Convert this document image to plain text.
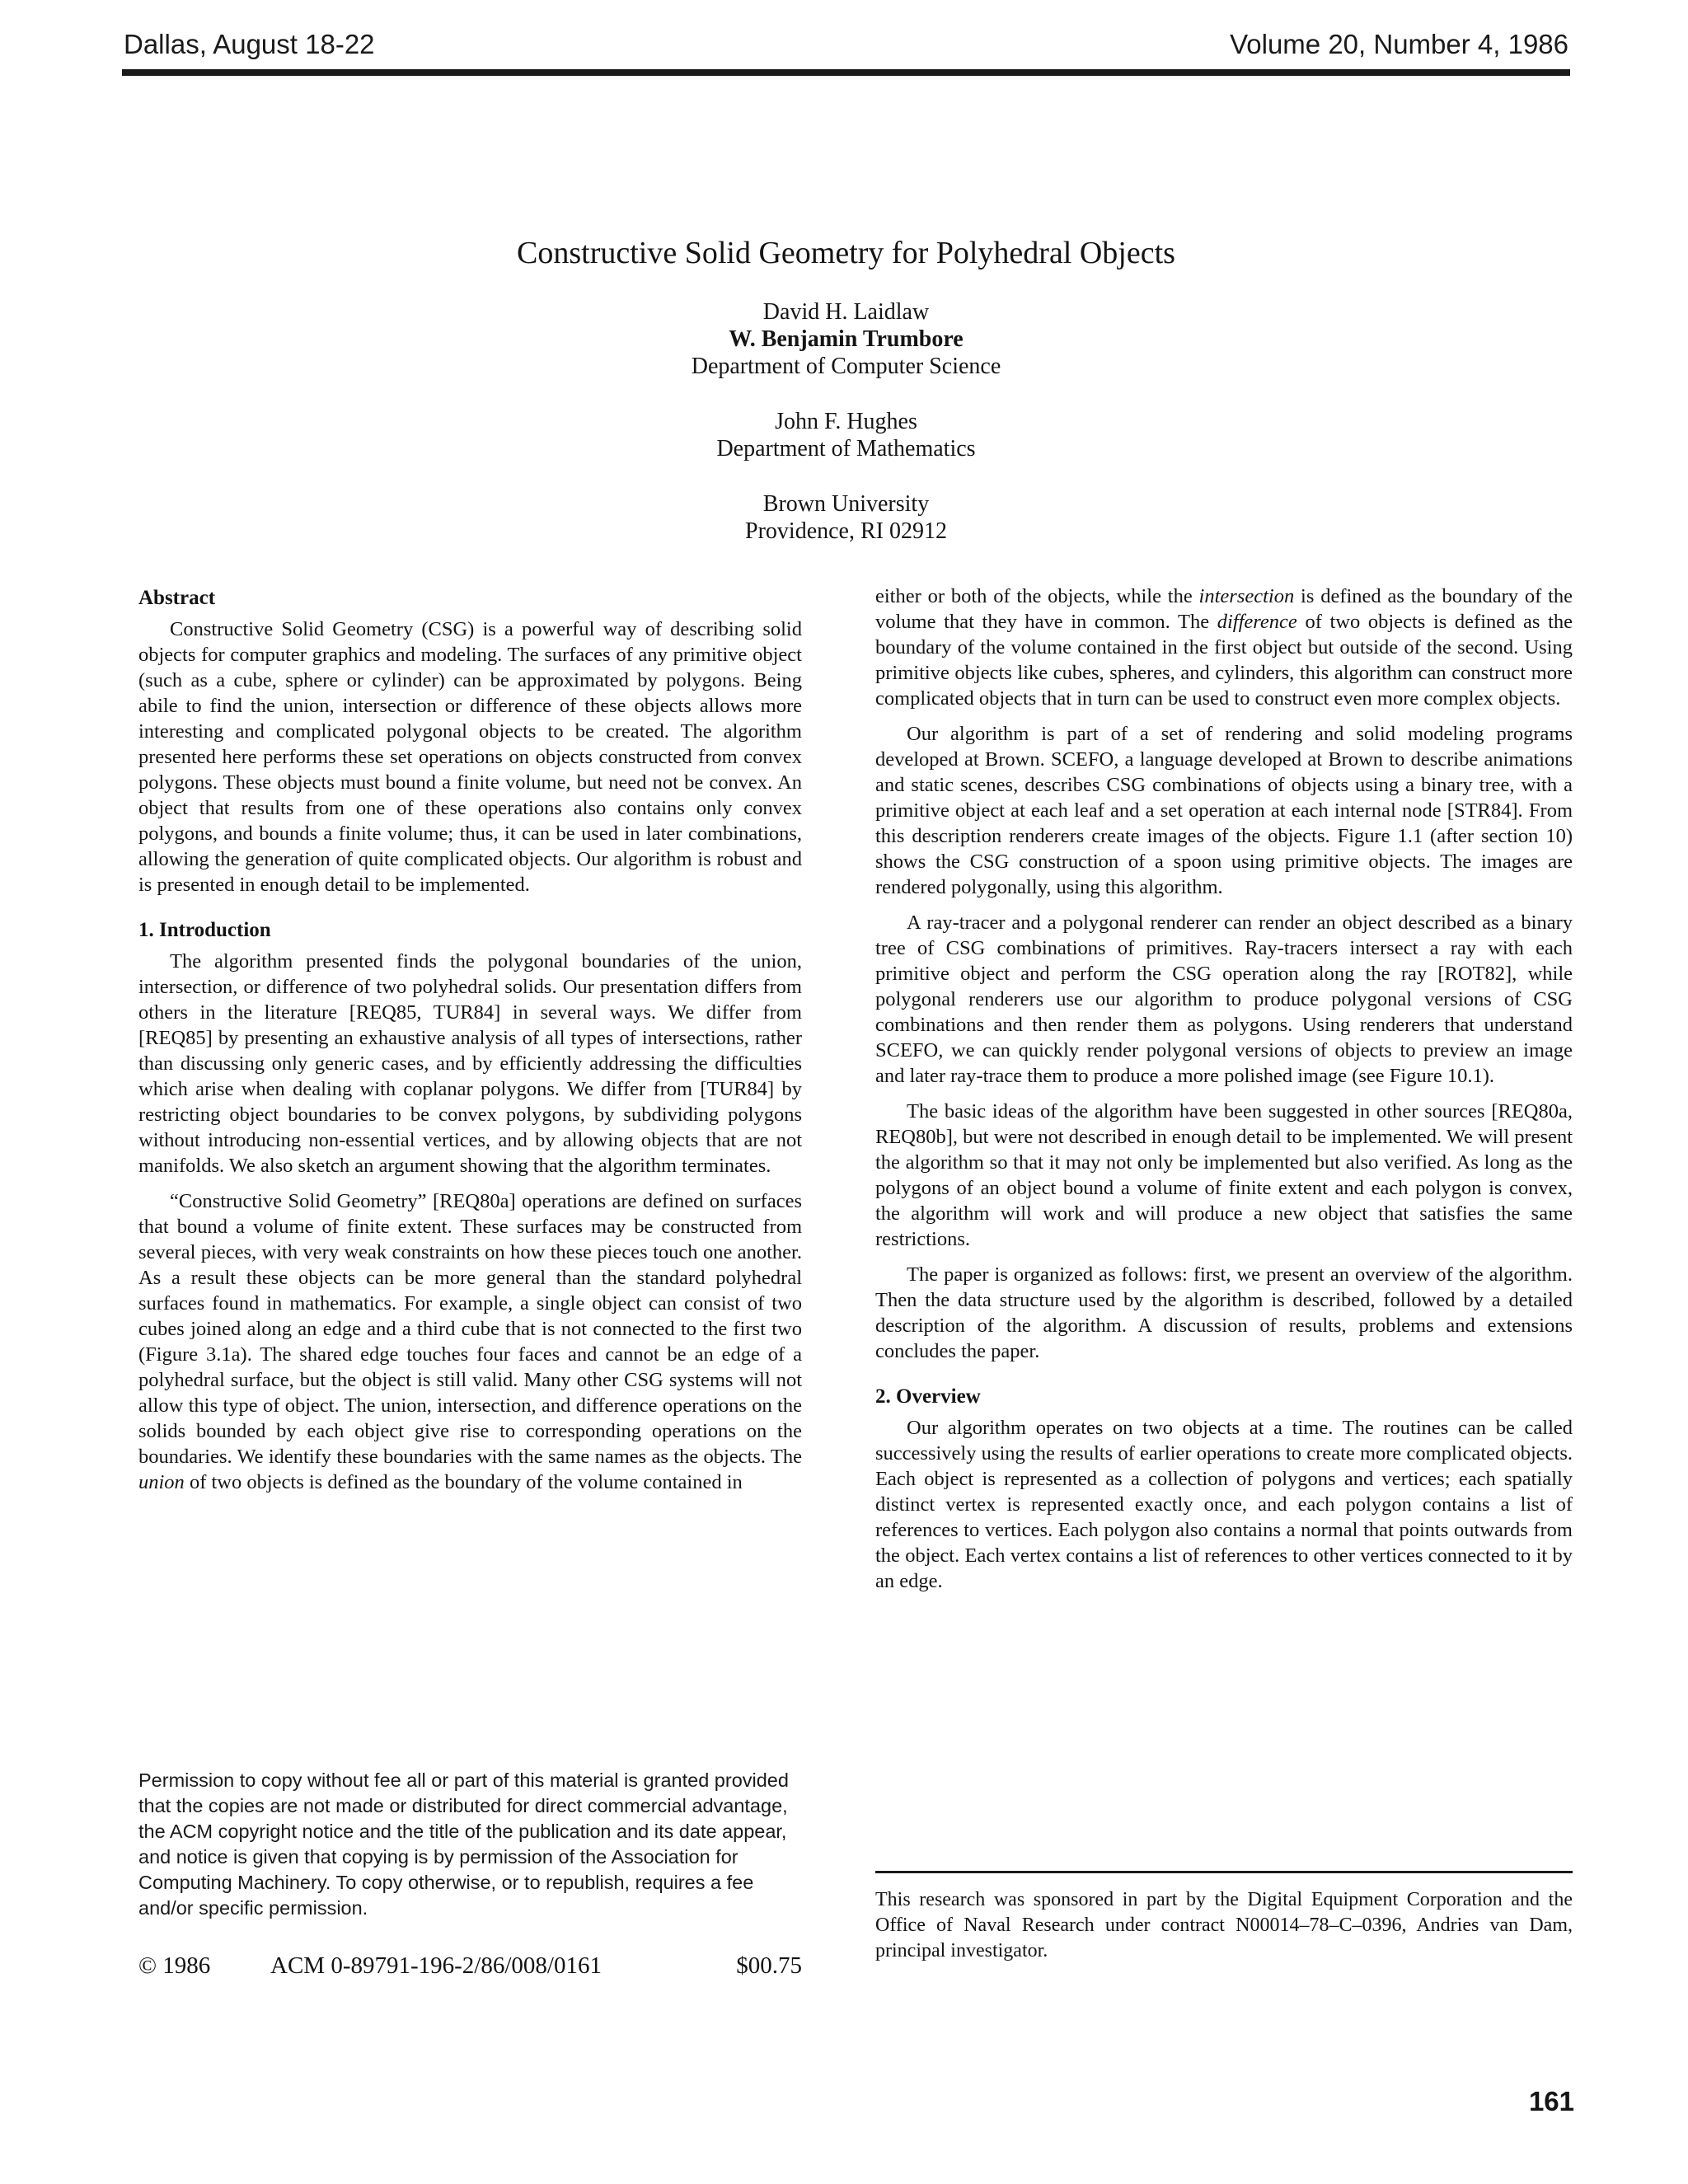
Dallas, August 18-22	Volume 20, Number 4, 1986
Constructive Solid Geometry for Polyhedral Objects
David H. Laidlaw
W. Benjamin Trumbore
Department of Computer Science
John F. Hughes
Department of Mathematics
Brown University
Providence, RI 02912

Abstract

Constructive Solid Geometry (CSG) is a powerful way of describing solid objects for computer graphics and modeling. The surfaces of any primitive object (such as a cube, sphere or cylinder) can be approximated by polygons. Being abile to find the union, intersection or difference of these objects allows more interesting and complicated polygonal objects to be created. The algorithm presented here performs these set operations on objects constructed from convex polygons. These objects must bound a finite volume, but need not be convex. An object that results from one of these operations also contains only convex polygons, and bounds a finite volume; thus, it can be used in later combinations, allowing the generation of quite complicated objects. Our algorithm is robust and is presented in enough detail to be implemented.

1. Introduction

The algorithm presented finds the polygonal boundaries of the union, intersection, or difference of two polyhedral solids. Our presentation differs from others in the literature [REQ85, TUR84] in several ways. We differ from [REQ85] by presenting an exhaustive analysis of all types of intersections, rather than discussing only generic cases, and by efficiently addressing the difficulties which arise when dealing with coplanar polygons. We differ from [TUR84] by restricting object boundaries to be convex polygons, by subdividing polygons without introducing non-essential vertices, and by allowing objects that are not manifolds. We also sketch an argument showing that the algorithm terminates.

“Constructive Solid Geometry” [REQ80a] operations are defined on surfaces that bound a volume of finite extent. These surfaces may be constructed from several pieces, with very weak constraints on how these pieces touch one another. As a result these objects can be more general than the standard polyhedral surfaces found in mathematics. For example, a single object can consist of two cubes joined along an edge and a third cube that is not connected to the first two (Figure 3.1a). The shared edge touches four faces and cannot be an edge of a polyhedral surface, but the object is still valid. Many other CSG systems will not allow this type of object. The union, intersection, and difference operations on the solids bounded by each object give rise to corresponding operations on the boundaries. We identify these boundaries with the same names as the objects. The union of two objects is defined as the boundary of the volume contained in

either or both of the objects, while the intersection is defined as the boundary of the volume that they have in common. The difference of two objects is defined as the boundary of the volume contained in the first object but outside of the second. Using primitive objects like cubes, spheres, and cylinders, this algorithm can construct more complicated objects that in turn can be used to construct even more complex objects.

Our algorithm is part of a set of rendering and solid modeling programs developed at Brown. SCEFO, a language developed at Brown to describe animations and static scenes, describes CSG combinations of objects using a binary tree, with a primitive object at each leaf and a set operation at each internal node [STR84]. From this description renderers create images of the objects. Figure 1.1 (after section 10) shows the CSG construction of a spoon using primitive objects. The images are rendered polygonally, using this algorithm.

A ray-tracer and a polygonal renderer can render an object described as a binary tree of CSG combinations of primitives. Ray-tracers intersect a ray with each primitive object and perform the CSG operation along the ray [ROT82], while polygonal renderers use our algorithm to produce polygonal versions of CSG combinations and then render them as polygons. Using renderers that understand SCEFO, we can quickly render polygonal versions of objects to preview an image and later ray-trace them to produce a more polished image (see Figure 10.1).

The basic ideas of the algorithm have been suggested in other sources [REQ80a, REQ80b], but were not described in enough detail to be implemented. We will present the algorithm so that it may not only be implemented but also verified. As long as the polygons of an object bound a volume of finite extent and each polygon is convex, the algorithm will work and will produce a new object that satisfies the same restrictions.

The paper is organized as follows: first, we present an overview of the algorithm. Then the data structure used by the algorithm is described, followed by a detailed description of the algorithm. A discussion of results, problems and extensions concludes the paper.

2. Overview

Our algorithm operates on two objects at a time. The routines can be called successively using the results of earlier operations to create more complicated objects. Each object is represented as a collection of polygons and vertices; each spatially distinct vertex is represented exactly once, and each polygon contains a list of references to vertices. Each polygon also contains a normal that points outwards from the object. Each vertex contains a list of references to other vertices connected to it by an edge.

Permission to copy without fee all or part of this material is granted provided that the copies are not made or distributed for direct commercial advantage, the ACM copyright notice and the title of the publication and its date appear, and notice is given that copying is by permission of the Association for Computing Machinery. To copy otherwise, or to republish, requires a fee and/or specific permission.
© 1986	ACM 0-89791-196-2/86/008/0161	$00.75
This research was sponsored in part by the Digital Equipment Corporation and the Office of Naval Research under contract N00014–78–C–0396, Andries van Dam, principal investigator.
161
